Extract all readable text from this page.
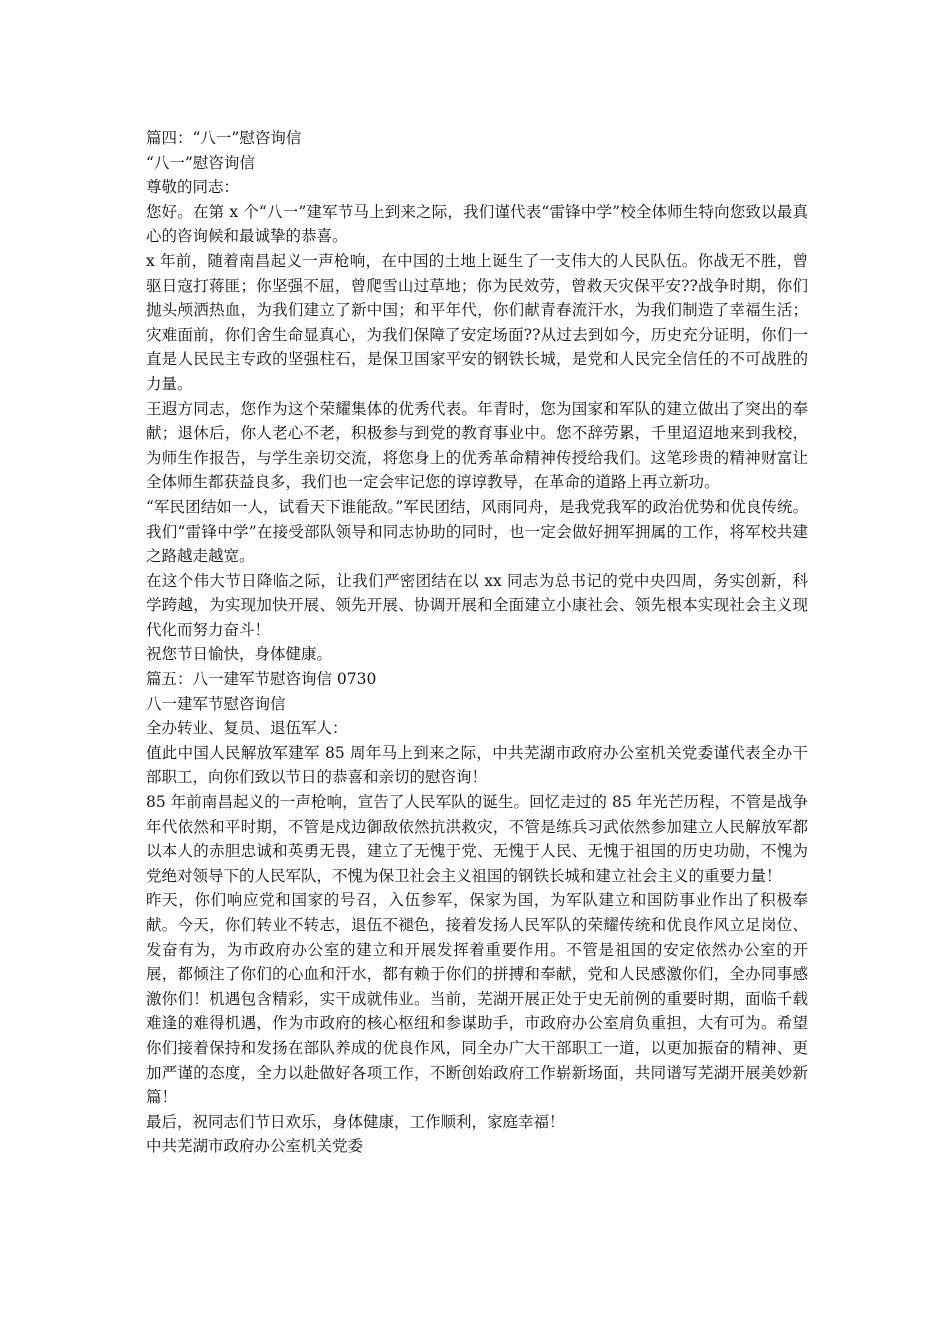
篇四：“八一”慰咨询信

“八一”慰咨询信

尊敬的同志：

您好。在第 x 个“八一”建军节马上到来之际，我们谨代表“雷锋中学”校全体师生特向您致以最真心的咨询候和最诚挚的恭喜。

x 年前，随着南昌起义一声枪响，在中国的土地上诞生了一支伟大的人民队伍。你战无不胜，曾驱日寇打蒋匪；你坚强不屈，曾爬雪山过草地；你为民效劳，曾救天灾保平安??战争时期，你们抛头颅洒热血，为我们建立了新中国；和平年代，你们献青春流汗水，为我们制造了幸福生活；灾难面前，你们舍生命显真心，为我们保障了安定场面??从过去到如今，历史充分证明，你们一直是人民民主专政的坚强柱石，是保卫国家平安的钢铁长城，是党和人民完全信任的不可战胜的力量。

王遐方同志，您作为这个荣耀集体的优秀代表。年青时，您为国家和军队的建立做出了突出的奉献；退休后，你人老心不老，积极参与到党的教育事业中。您不辞劳累，千里迢迢地来到我校，为师生作报告，与学生亲切交流，将您身上的优秀革命精神传授给我们。这笔珍贵的精神财富让全体师生都获益良多，我们也一定会牢记您的谆谆教导，在革命的道路上再立新功。

“军民团结如一人，试看天下谁能敌。”军民团结，风雨同舟，是我党我军的政治优势和优良传统。我们“雷锋中学”在接受部队领导和同志协助的同时，也一定会做好拥军拥属的工作，将军校共建之路越走越宽。

在这个伟大节日降临之际，让我们严密团结在以 xx 同志为总书记的党中央四周，务实创新，科学跨越，为实现加快开展、领先开展、协调开展和全面建立小康社会、领先根本实现社会主义现代化而努力奋斗！

祝您节日愉快，身体健康。

篇五：八一建军节慰咨询信 0730

八一建军节慰咨询信

全办转业、复员、退伍军人：

值此中国人民解放军建军 85 周年马上到来之际，中共芜湖市政府办公室机关党委谨代表全办干部职工，向你们致以节日的恭喜和亲切的慰咨询！

85 年前南昌起义的一声枪响，宣告了人民军队的诞生。回忆走过的 85 年光芒历程，不管是战争年代依然和平时期，不管是戍边御敌依然抗洪救灾，不管是练兵习武依然参加建立人民解放军都以本人的赤胆忠诚和英勇无畏，建立了无愧于党、无愧于人民、无愧于祖国的历史功勋，不愧为党绝对领导下的人民军队，不愧为保卫社会主义祖国的钢铁长城和建立社会主义的重要力量！

昨天，你们响应党和国家的号召，入伍参军，保家为国，为军队建立和国防事业作出了积极奉献。今天，你们转业不转志，退伍不褪色，接着发扬人民军队的荣耀传统和优良作风立足岗位、发奋有为，为市政府办公室的建立和开展发挥着重要作用。不管是祖国的安定依然办公室的开展，都倾注了你们的心血和汗水，都有赖于你们的拼搏和奉献，党和人民感激你们，全办同事感激你们！机遇包含精彩，实干成就伟业。当前，芜湖开展正处于史无前例的重要时期，面临千载难逢的难得机遇，作为市政府的核心枢纽和参谋助手，市政府办公室肩负重担，大有可为。希望你们接着保持和发扬在部队养成的优良作风，同全办广大干部职工一道，以更加振奋的精神、更加严谨的态度，全力以赴做好各项工作，不断创始政府工作崭新场面，共同谱写芜湖开展美妙新篇！

最后，祝同志们节日欢乐，身体健康，工作顺利，家庭幸福！

中共芜湖市政府办公室机关党委
